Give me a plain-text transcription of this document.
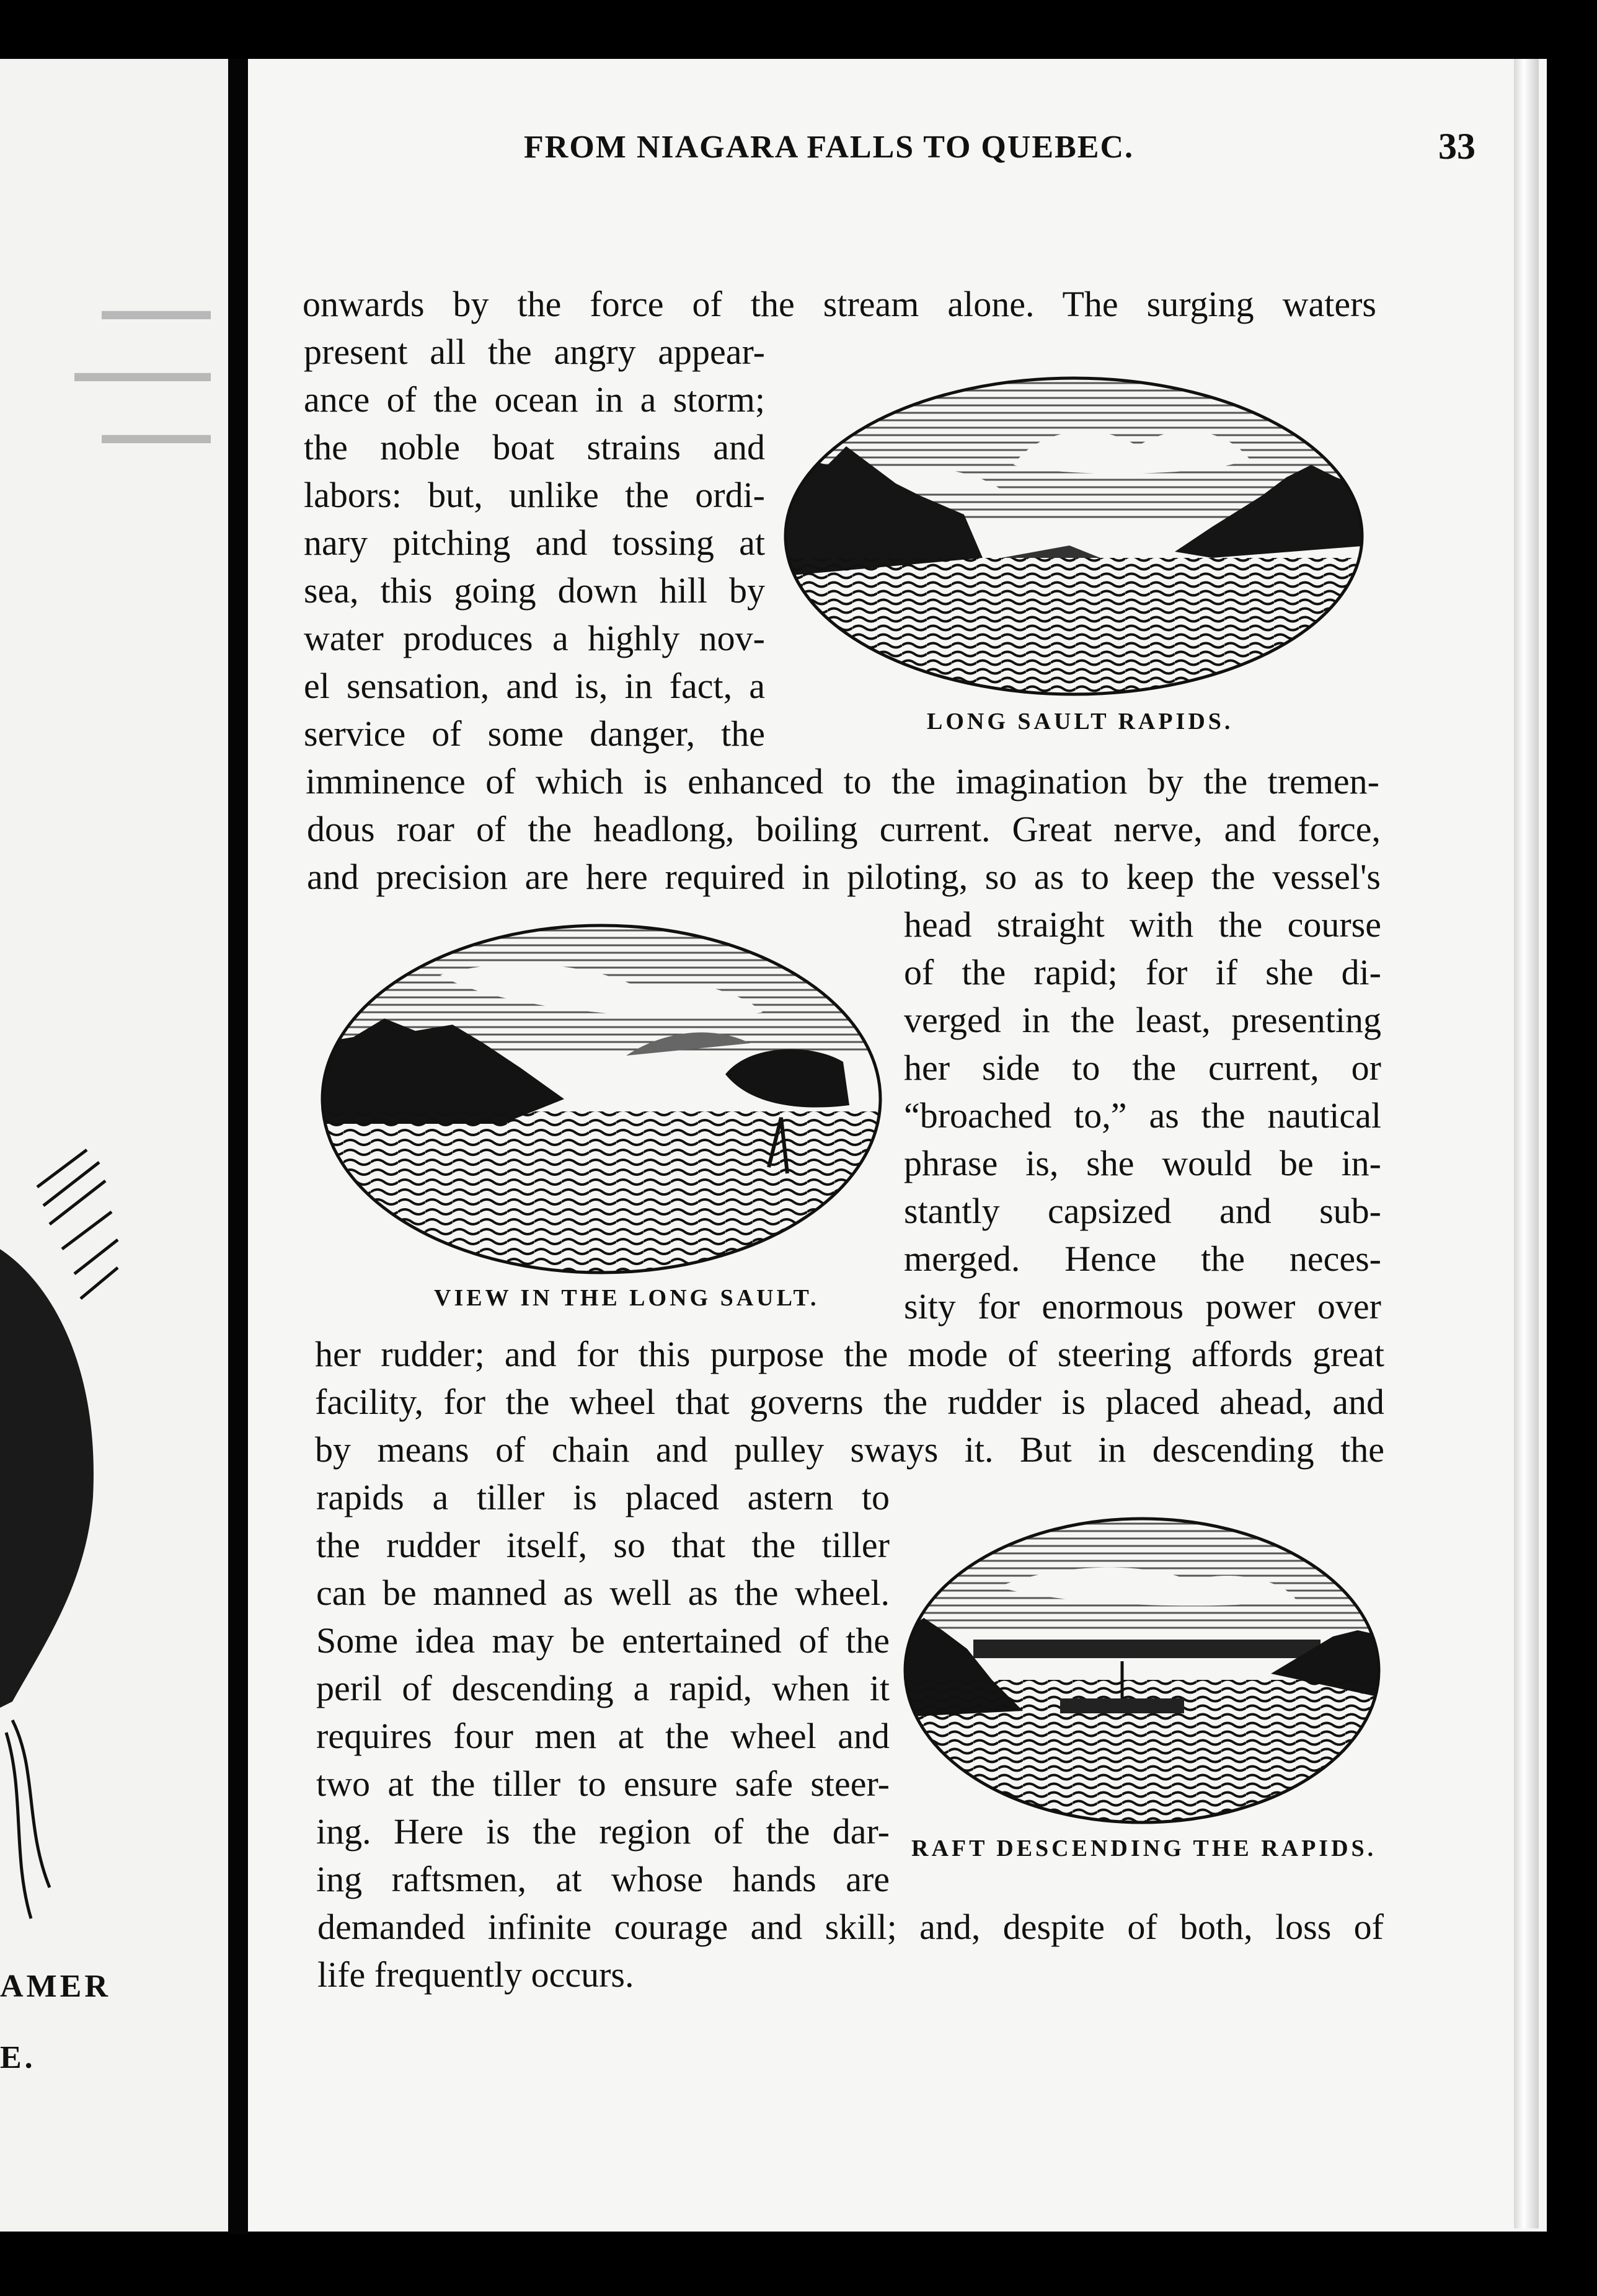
▬▬▬▬
▬▬▬▬▬
▬▬▬▬
AMER
E.
FROM NIAGARA FALLS TO QUEBEC.	33
onwards by the force of the stream alone. The surging waters
present all the angry appear-
ance of the ocean in a storm;
the noble boat strains and
labors: but, unlike the ordi-
nary pitching and tossing at
sea, this going down hill by
water produces a highly nov-
el sensation, and is, in fact, a
service of some danger, the
imminence of which is enhanced to the imagination by the tremen-
dous roar of the headlong, boiling current. Great nerve, and force,
and precision are here required in piloting, so as to keep the vessel's
head straight with the course
of the rapid; for if she di-
verged in the least, presenting
her side to the current, or
“broached to,” as the nautical
phrase is, she would be in-
stantly capsized and sub-
merged. Hence the neces-
sity for enormous power over
her rudder; and for this purpose the mode of steering affords great
facility, for the wheel that governs the rudder is placed ahead, and
by means of chain and pulley sways it. But in descending the
rapids a tiller is placed astern to
the rudder itself, so that the tiller
can be manned as well as the wheel.
Some idea may be entertained of the
peril of descending a rapid, when it
requires four men at the wheel and
two at the tiller to ensure safe steer-
ing. Here is the region of the dar-
ing raftsmen, at whose hands are
demanded infinite courage and skill; and, despite of both, loss of
life frequently occurs.
LONG SAULT RAPIDS.
VIEW IN THE LONG SAULT.
RAFT DESCENDING THE RAPIDS.
